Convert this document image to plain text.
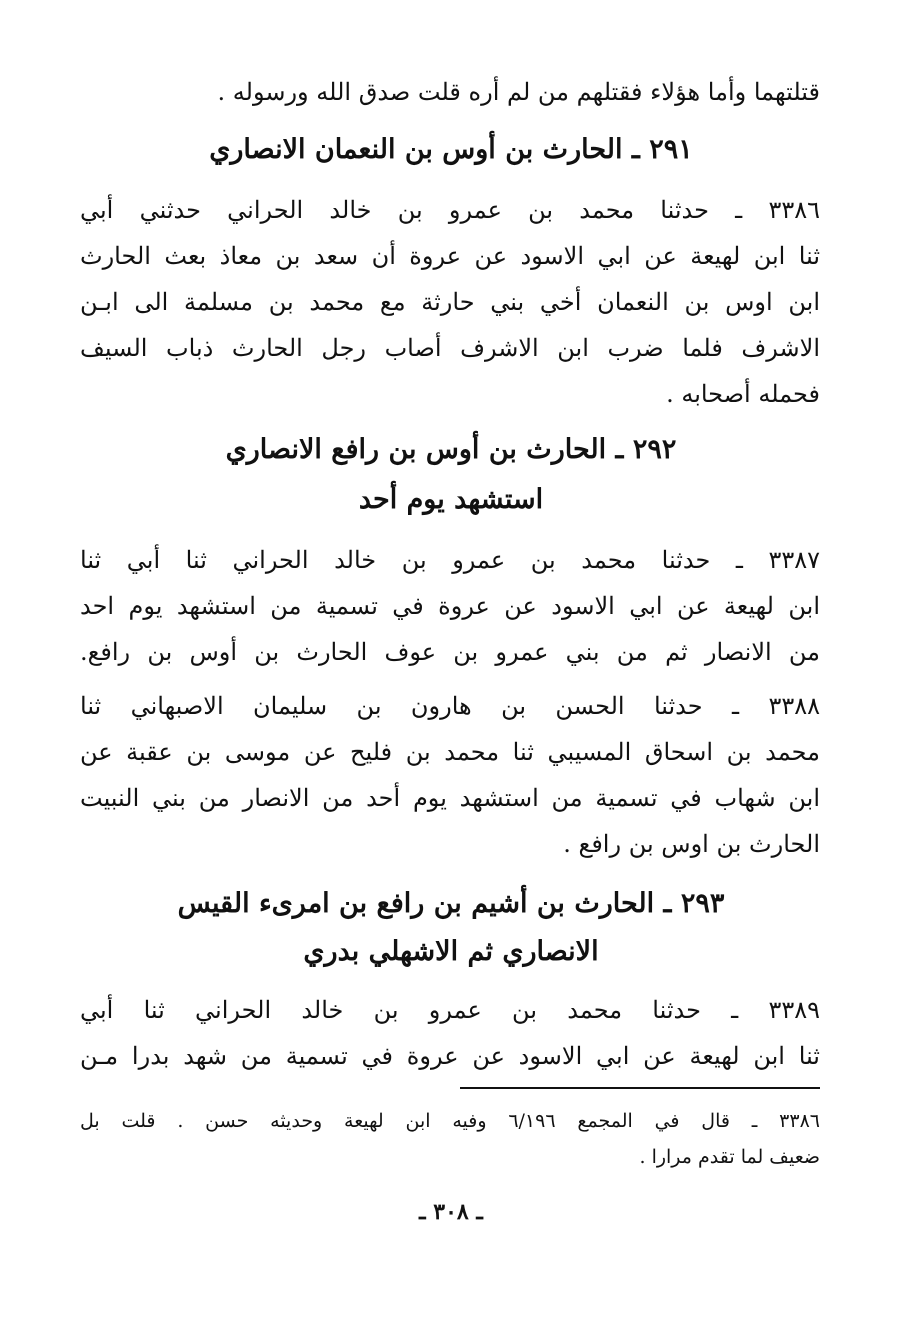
قتلتهما وأما هؤلاء فقتلهم من لم أره قلت صدق الله ورسوله .
٢٩١ ـ الحارث بن أوس بن النعمان الانصاري
٣٣٨٦ ـ حدثنا محمد بن عمرو بن خالد الحراني حدثني أبي
ثنا ابن لهيعة عن ابي الاسود عن عروة أن سعد بن معاذ بعث الحارث
ابن اوس بن النعمان أخي بني حارثة مع محمد بن مسلمة الى ابـن
الاشرف فلما ضرب ابن الاشرف أصاب رجل الحارث ذباب السيف
فحمله أصحابه .
٢٩٢ ـ الحارث بن أوس بن رافع الانصاري
استشهد يوم أحد
٣٣٨٧ ـ حدثنا محمد بن عمرو بن خالد الحراني ثنا أبي ثنا
ابن لهيعة عن ابي الاسود عن عروة في تسمية من استشهد يوم احد
من الانصار ثم من بني عمرو بن عوف الحارث بن أوس بن رافع.
٣٣٨٨ ـ حدثنا الحسن بن هارون بن سليمان الاصبهاني ثنا
محمد بن اسحاق المسيبي ثنا محمد بن فليح عن موسى بن عقبة عن
ابن شهاب في تسمية من استشهد يوم أحد من الانصار من بني النبيت
الحارث بن اوس بن رافع .
٢٩٣ ـ الحارث بن أشيم بن رافع بن امرىء القيس
الانصاري ثم الاشهلي بدري
٣٣٨٩ ـ حدثنا محمد بن عمرو بن خالد الحراني ثنا أبي
ثنا ابن لهيعة عن ابي الاسود عن عروة في تسمية من شهد بدرا مـن
٣٣٨٦ ـ قال في المجمع ٦/١٩٦ وفيه ابن لهيعة وحديثه حسن . قلت بل
ضعيف لما تقدم مرارا .
ـ ٣٠٨ ـ
